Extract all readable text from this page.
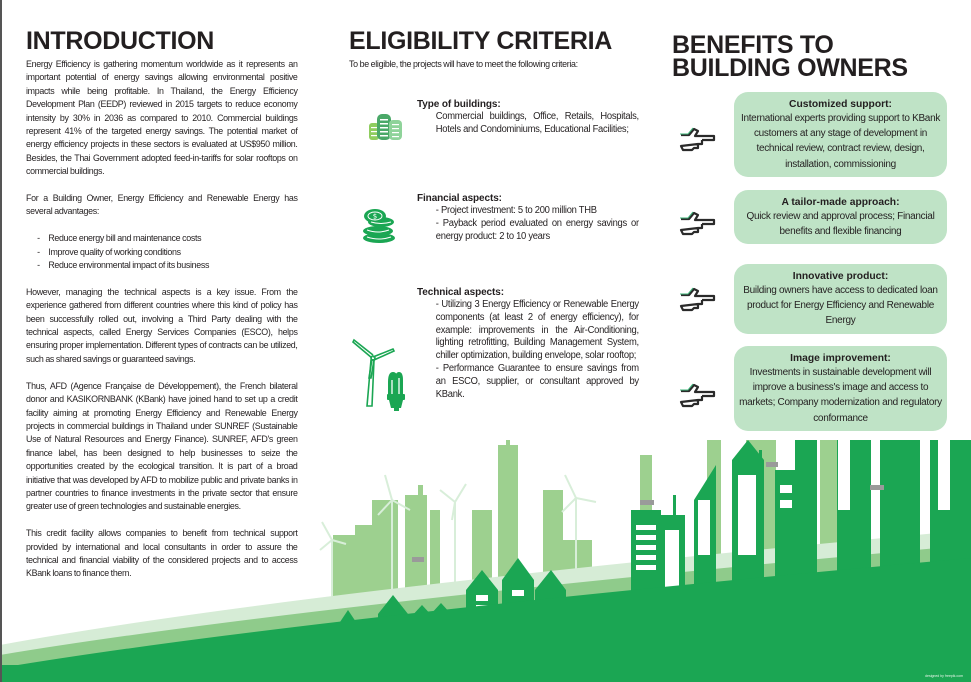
designed by freepik.com
INTRODUCTION

Energy Efficiency is gathering momentum worldwide as it represents an important potential of energy savings allowing environmental positive impacts while being profitable. In Thailand, the Energy Efficiency Development Plan (EEDP) reviewed in 2015 targets to reduce economy intensity by 30% in 2036 as compared to 2010. Commercial buildings represent 41% of the targeted energy savings. The potential market of energy efficiency projects in these sectors is evaluated at US$950 million. Besides, the Thai Government adopted feed-in-tariffs for solar rooftops on commercial buildings.

For a Building Owner, Energy Efficiency and Renewable Energy has several advantages:

- Reduce energy bill and maintenance costs
- Improve quality of working conditions
- Reduce environmental impact of its business

However, managing the technical aspects is a key issue. From the experience gathered from different countries where this kind of policy has been successfully rolled out, involving a Third Party dealing with the technical aspects, called Energy Services Companies (ESCO), helps ensuring proper implementation. Different types of contracts can be utilized, such as shared savings or guaranteed savings.

Thus, AFD (Agence Française de Développement), the French bilateral donor and KASIKORNBANK (KBank) have joined hand to set up a credit facility aiming at promoting Energy Efficiency and Renewable Energy projects in commercial buildings in Thailand under SUNREF (Sustainable Use of Natural Resources and Energy Finance). SUNREF, AFD's green finance label, has been designed to help businesses to seize the opportunities created by the ecological transition. It is part of a broad initiative that was developed by AFD to mobilize public and private banks in partner countries to finance investments in the private sector that ensure greater use of green technologies and sustainable energies.

This credit facility allows companies to benefit from technical support provided by international and local consultants in order to assure the technical and financial viability of the considered projects and to access KBank loans to finance them.

ELIGIBILITY CRITERIA
To be eligible, the projects will have to meet the following criteria:
Type of buildings:
Commercial buildings, Office, Retails, Hospitals, Hotels and Condominiums, Educational Facilities;
$
Financial aspects:
- Project investment: 5 to 200 million THB
- Payback period evaluated on energy savings or energy product: 2 to 10 years
Technical aspects:
- Utilizing 3 Energy Efficiency or Renewable Energy components (at least 2 of energy efficiency), for example: improvements in the Air-Conditioning, lighting retrofitting, Building Management System, chiller optimization, building envelope, solar rooftop;
- Performance Guarantee to ensure savings from an ESCO, supplier, or consultant approved by KBank.
BENEFITS TO
BUILDING OWNERS
Customized support:
International experts providing support to KBank customers at any stage of development in technical review, contract review, design, installation, commissioning
A tailor-made approach:
Quick review and approval process; Financial benefits and flexible financing
Innovative product:
Building owners have access to dedicated loan product for Energy Efficiency and Renewable Energy
Image improvement:
Investments in sustainable development will improve a business's image and access to markets; Company modernization and regulatory conformance
